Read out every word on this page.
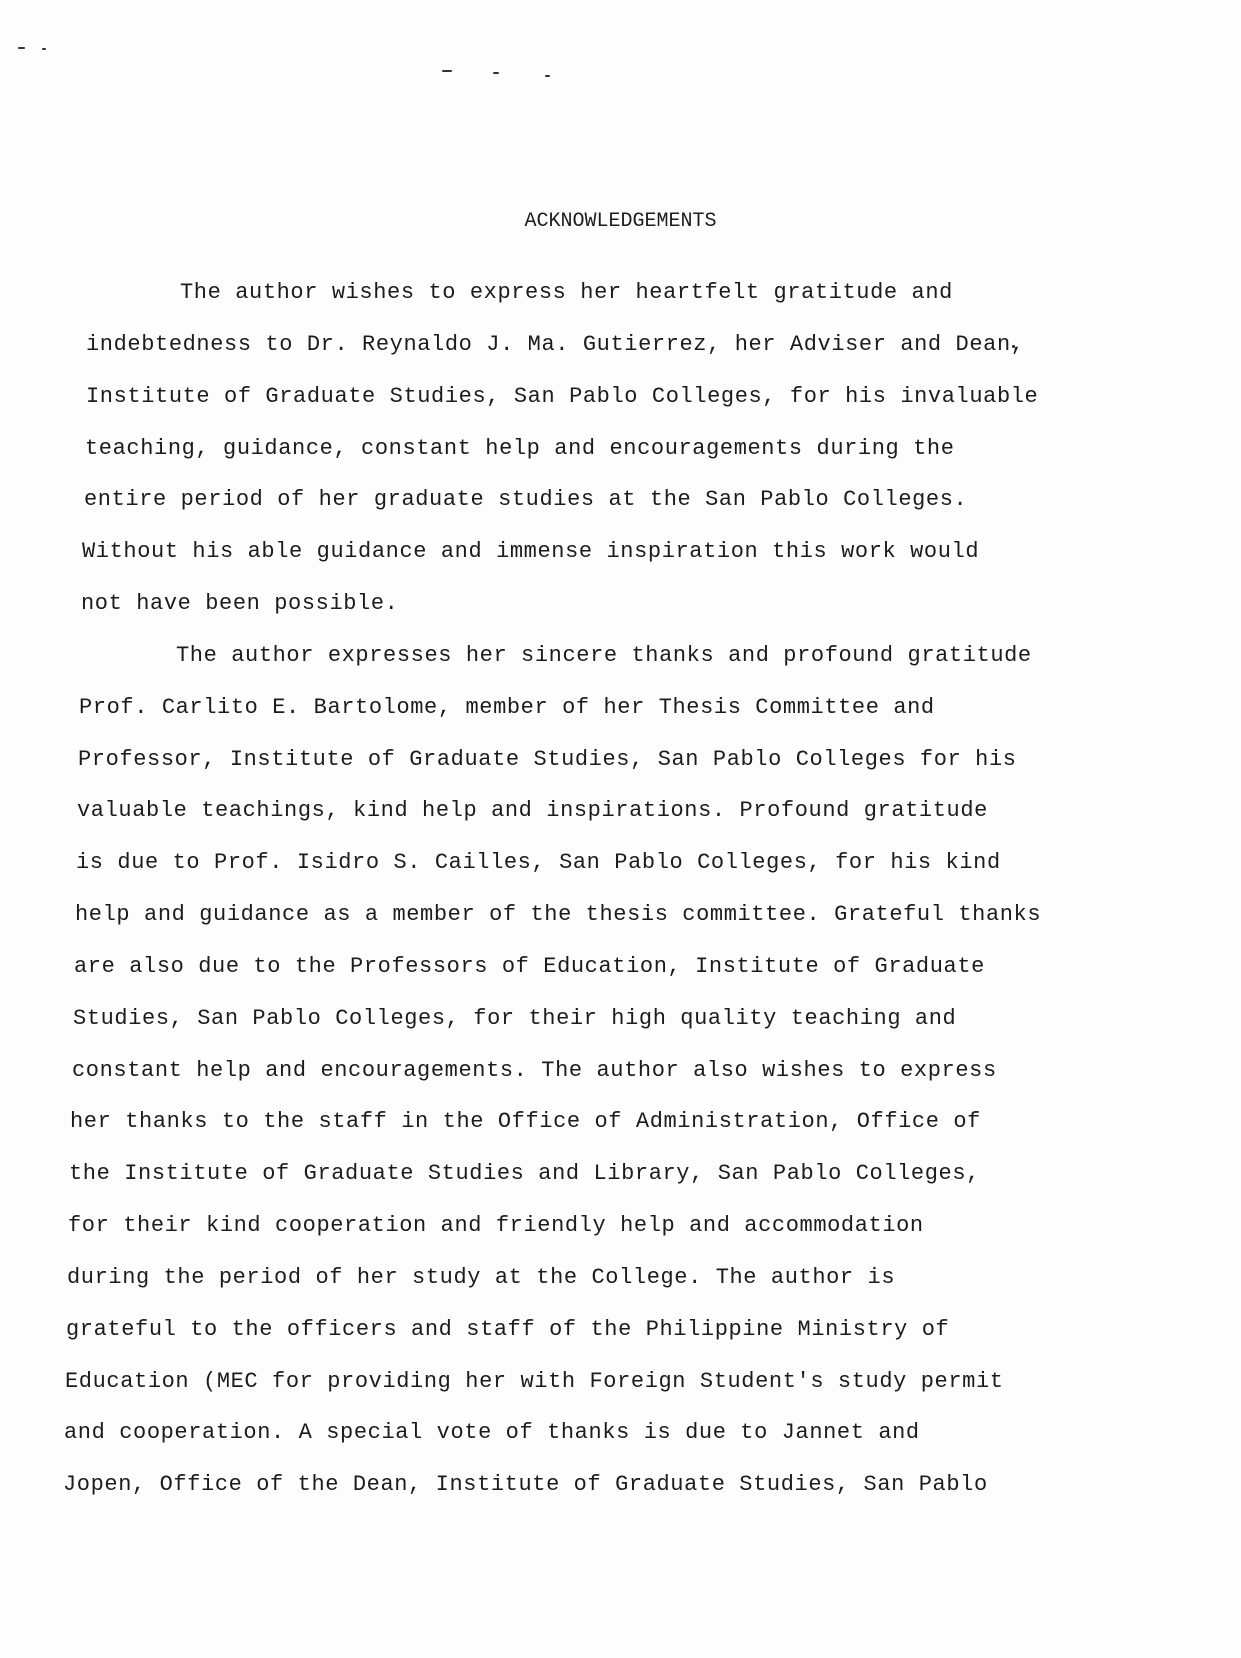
ACKNOWLEDGEMENTS
The author wishes to express her heartfelt gratitude and
indebtedness to Dr. Reynaldo J. Ma. Gutierrez, her Adviser and Dean,
Institute of Graduate Studies, San Pablo Colleges, for his invaluable
teaching, guidance, constant help and encouragements during the
entire period of her graduate studies at the San Pablo Colleges.
Without his able guidance and immense inspiration this work would
not have been possible.
The author expresses her sincere thanks and profound gratitude
Prof. Carlito E. Bartolome, member of her Thesis Committee and
Professor, Institute of Graduate Studies, San Pablo Colleges for his
valuable teachings, kind help and inspirations. Profound gratitude
is due to Prof. Isidro S. Cailles, San Pablo Colleges, for his kind
help and guidance as a member of the thesis committee. Grateful thanks
are also due to the Professors of Education, Institute of Graduate
Studies, San Pablo Colleges, for their high quality teaching and
constant help and encouragements. The author also wishes to express
her thanks to the staff in the Office of Administration, Office of
the Institute of Graduate Studies and Library, San Pablo Colleges,
for their kind cooperation and friendly help and accommodation
during the period of her study at the College. The author is
grateful to the officers and staff of the Philippine Ministry of
Education (MEC for providing her with Foreign Student's study permit
and cooperation. A special vote of thanks is due to Jannet and
Jopen, Office of the Dean, Institute of Graduate Studies, San Pablo
